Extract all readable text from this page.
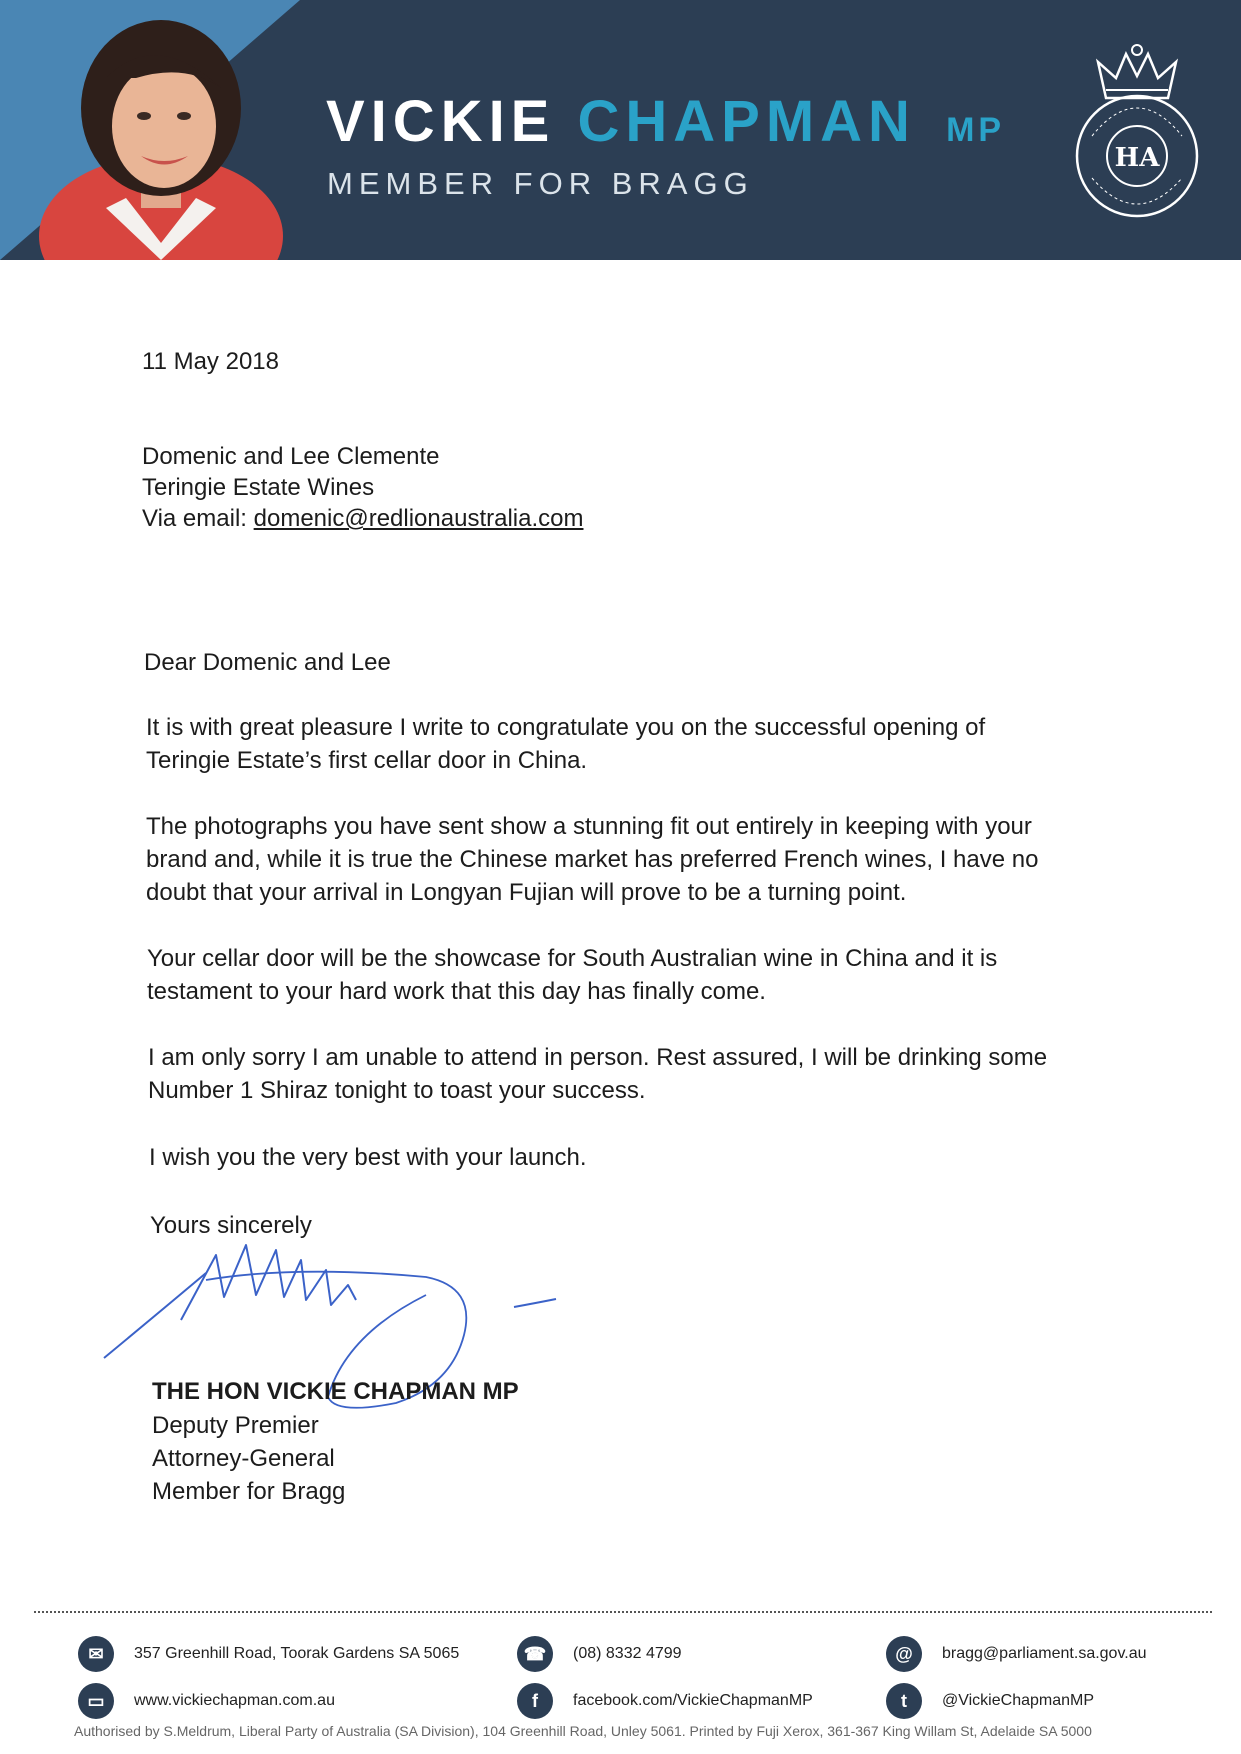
VICKIE CHAPMAN MP
MEMBER FOR BRAGG
HA
11 May 2018
Domenic and Lee Clemente
Teringie Estate Wines
Via email: domenic@redlionaustralia.com
Dear Domenic and Lee
It is with great pleasure I write to congratulate you on the successful opening of
Teringie Estate’s first cellar door in China.
The photographs you have sent show a stunning fit out entirely in keeping with your
brand and, while it is true the Chinese market has preferred French wines, I have no
doubt that your arrival in Longyan Fujian will prove to be a turning point.
Your cellar door will be the showcase for South Australian wine in China and it is
testament to your hard work that this day has finally come.
I am only sorry I am unable to attend in person. Rest assured, I will be drinking some
Number 1 Shiraz tonight to toast your success.
I wish you the very best with your launch.
Yours sincerely
THE HON VICKIE CHAPMAN MP
Deputy Premier
Attorney-General
Member for Bragg
✉	357 Greenhill Road, Toorak Gardens SA 5065	☎	(08) 8332 4799	@	bragg@parliament.sa.gov.au
▭	www.vickiechapman.com.au	f	facebook.com/VickieChapmanMP	t	@VickieChapmanMP
Authorised by S.Meldrum, Liberal Party of Australia (SA Division), 104 Greenhill Road, Unley 5061. Printed by Fuji Xerox, 361-367 King Willam St, Adelaide SA 5000
